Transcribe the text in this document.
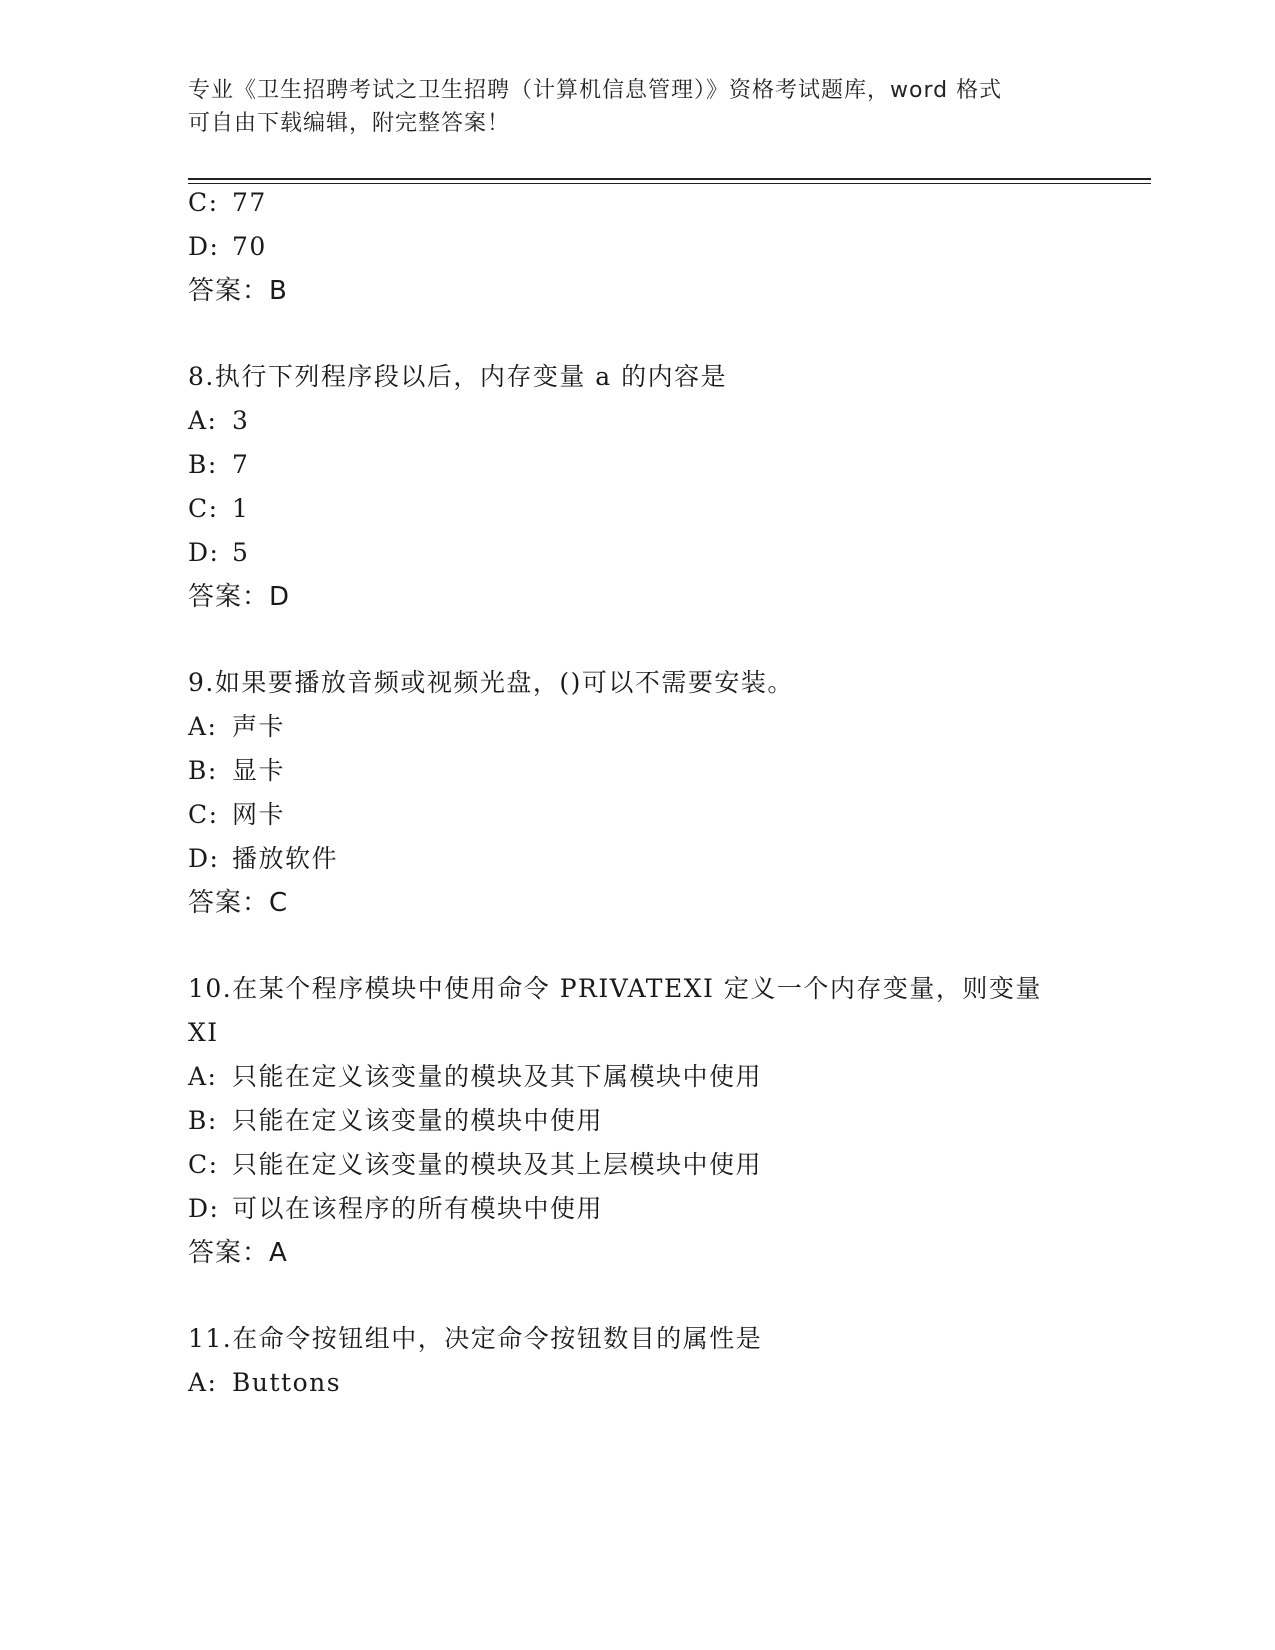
专业《卫生招聘考试之卫生招聘（计算机信息管理）》资格考试题库，word 格式
可自由下载编辑，附完整答案！
C: 77
D: 70
答案：B
8.执行下列程序段以后，内存变量 a 的内容是
A: 3
B: 7
C: 1
D: 5
答案：D
9.如果要播放音频或视频光盘，()可以不需要安装。
A: 声卡
B: 显卡
C: 网卡
D: 播放软件
答案：C
10.在某个程序模块中使用命令 PRIVATEXI 定义一个内存变量，则变量
XI
A: 只能在定义该变量的模块及其下属模块中使用
B: 只能在定义该变量的模块中使用
C: 只能在定义该变量的模块及其上层模块中使用
D: 可以在该程序的所有模块中使用
答案：A
11.在命令按钮组中，决定命令按钮数目的属性是
A: Buttons
